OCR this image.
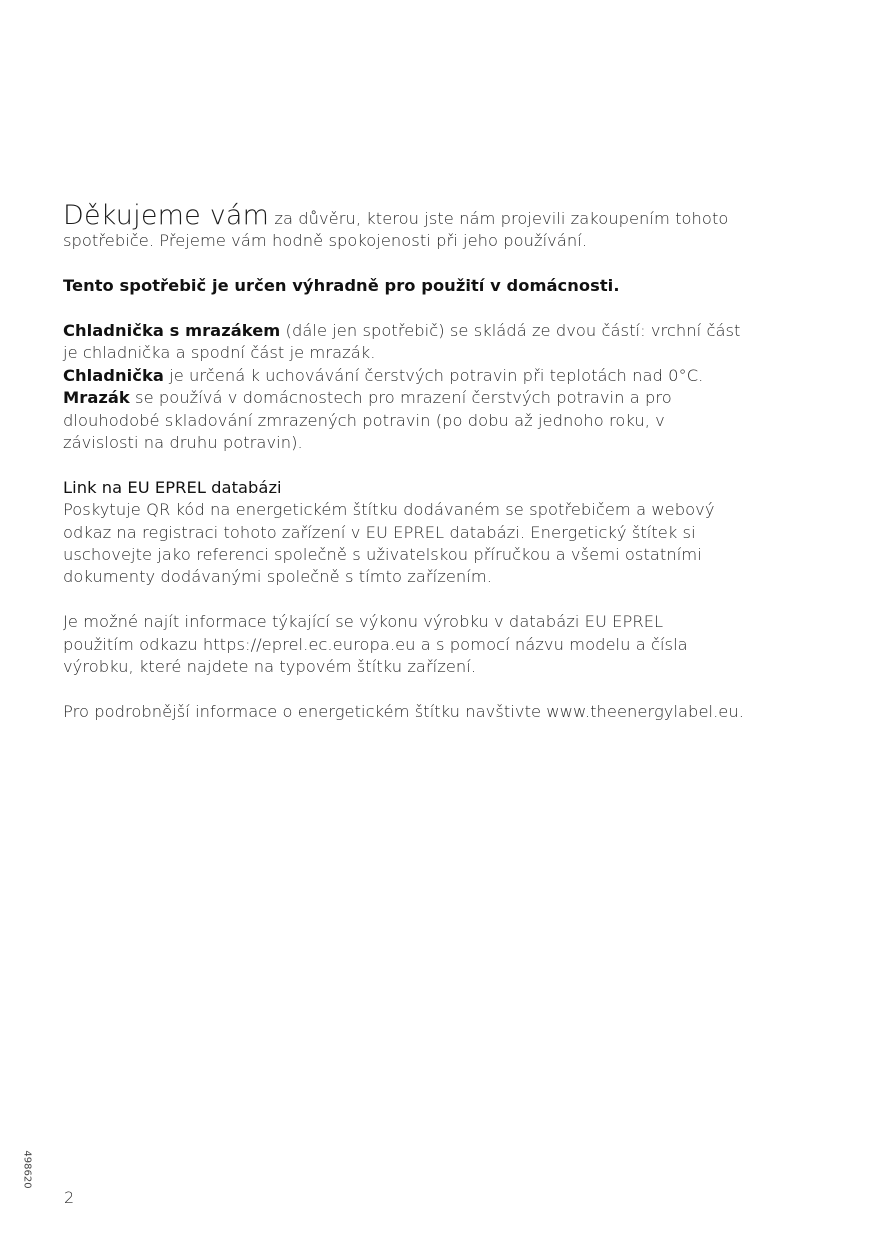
Děkujeme vám za důvěru, kterou jste nám projevili zakoupením tohoto
spotřebiče. Přejeme vám hodně spokojenosti při jeho používání.

Tento spotřebič je určen výhradně pro použití v domácnosti.

Chladnička s mrazákem (dále jen spotřebič) se skládá ze dvou částí: vrchní část
je chladnička a spodní část je mrazák.
Chladnička je určená k uchovávání čerstvých potravin při teplotách nad 0°C.
Mrazák se používá v domácnostech pro mrazení čerstvých potravin a pro
dlouhodobé skladování zmrazených potravin (po dobu až jednoho roku, v
závislosti na druhu potravin).

Link na EU EPREL databázi

Poskytuje QR kód na energetickém štítku dodávaném se spotřebičem a webový
odkaz na registraci tohoto zařízení v EU EPREL databázi. Energetický štítek si
uschovejte jako referenci společně s uživatelskou příručkou a všemi ostatními
dokumenty dodávanými společně s tímto zařízením.

Je možné najít informace týkající se výkonu výrobku v databázi EU EPREL
použitím odkazu https://eprel.ec.europa.eu a s pomocí názvu modelu a čísla
výrobku, které najdete na typovém štítku zařízení.

Pro podrobnější informace o energetickém štítku navštivte www.theenergylabel.eu.

498620
2
